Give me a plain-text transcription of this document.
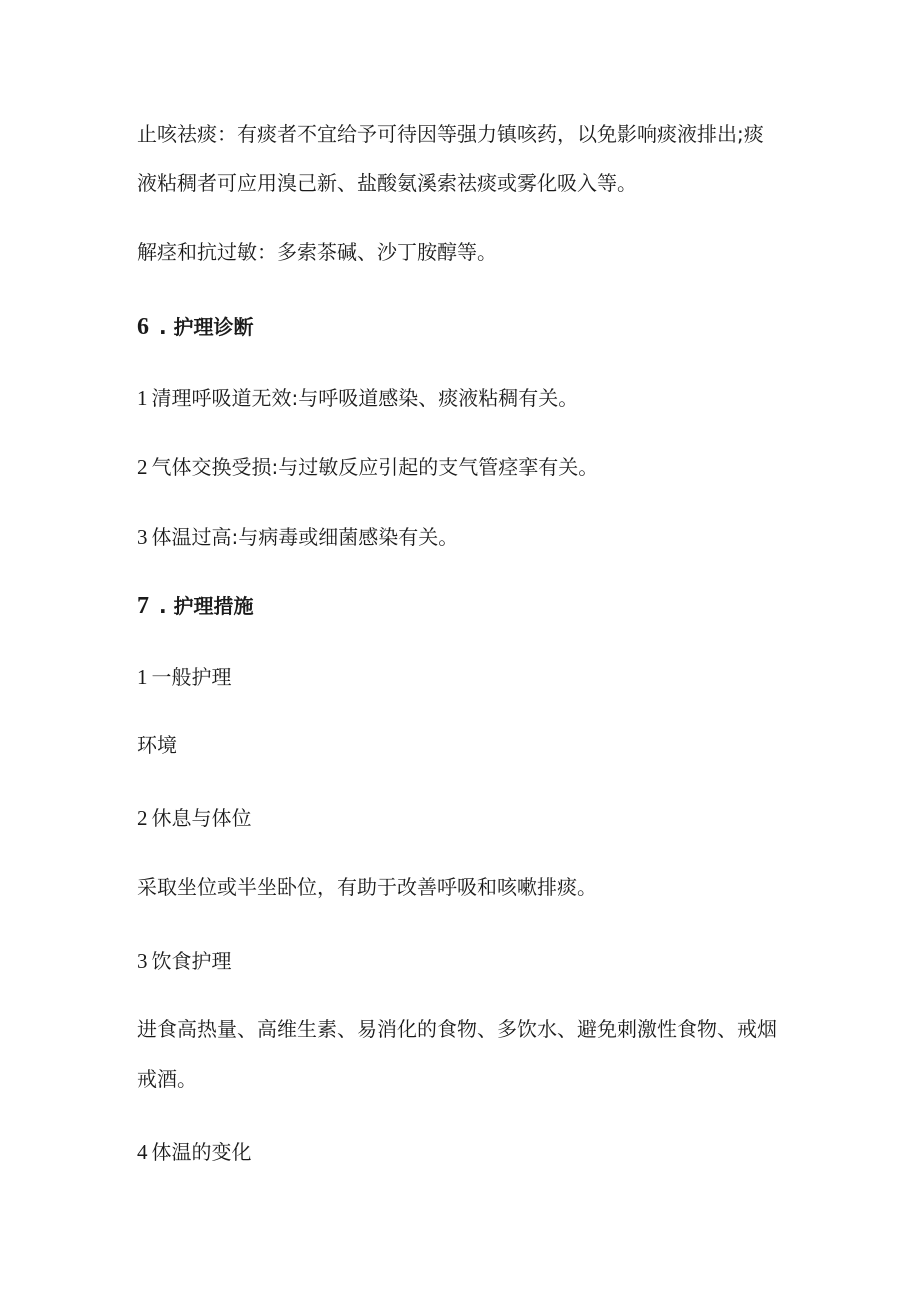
止咳祛痰：有痰者不宜给予可待因等强力镇咳药，以免影响痰液排出;痰
液粘稠者可应用溴己新、盐酸氨溪索祛痰或雾化吸入等。
解痉和抗过敏：多索茶碱、沙丁胺醇等。
6 . 护理诊断
1 清理呼吸道无效:与呼吸道感染、痰液粘稠有关。
2 气体交换受损:与过敏反应引起的支气管痉挛有关。
3 体温过高:与病毒或细菌感染有关。
7 . 护理措施
1 一般护理
环境
2 休息与体位
采取坐位或半坐卧位，有助于改善呼吸和咳嗽排痰。
3 饮食护理
进食高热量、高维生素、易消化的食物、多饮水、避免刺激性食物、戒烟
戒酒。
4 体温的变化
